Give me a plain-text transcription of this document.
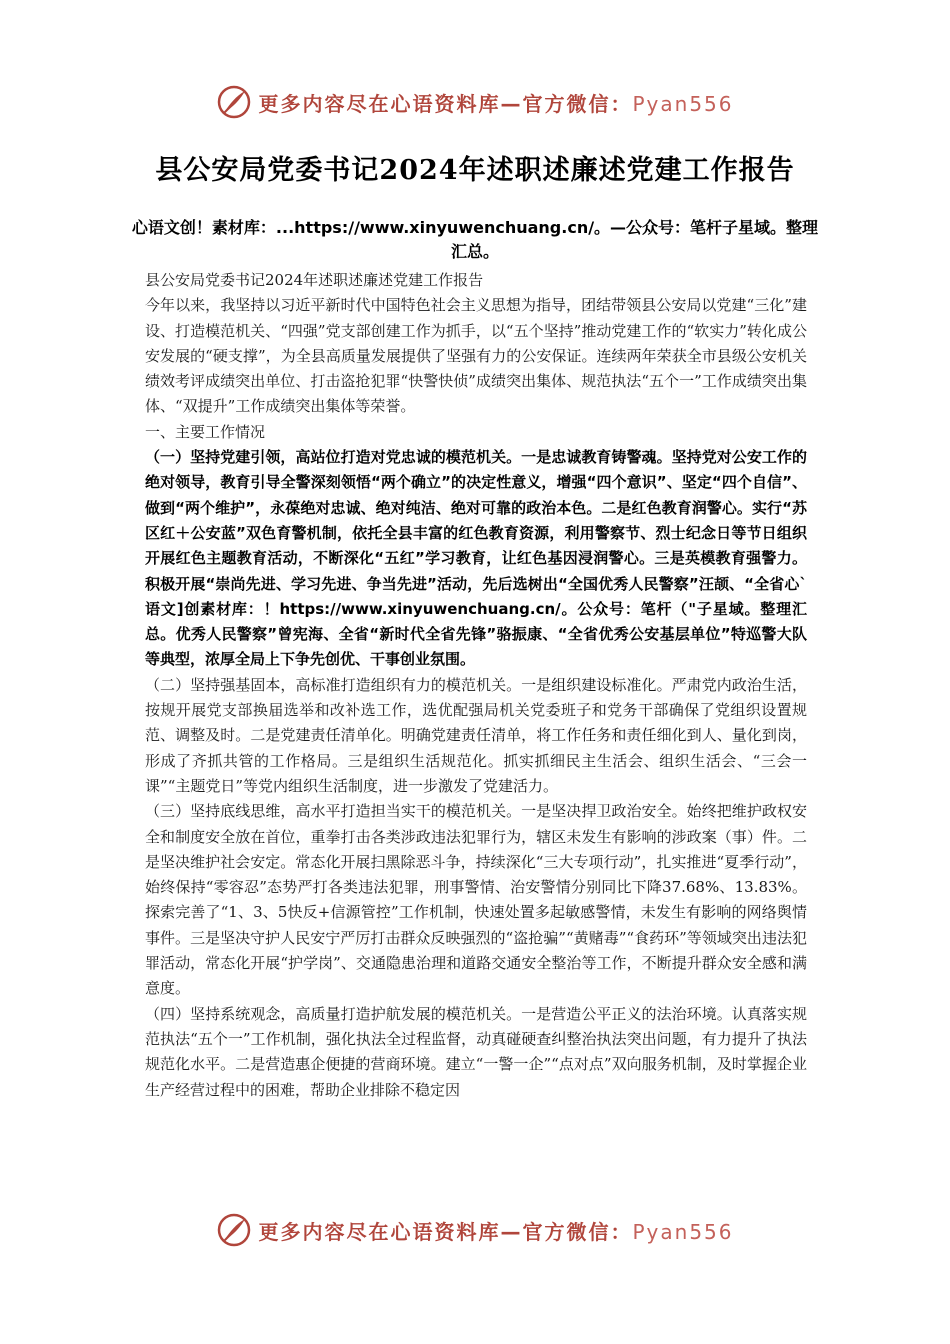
更多内容尽在心语资料库—官方微信：Pyan556
县公安局党委书记2024年述职述廉述党建工作报告
心语文创！素材库：...https://www.xinyuwenchuang.cn/。—公众号：笔杆子星域。整理汇总。

县公安局党委书记2024年述职述廉述党建工作报告

今年以来，我坚持以习近平新时代中国特色社会主义思想为指导，团结带领县公安局以党建“三化”建设、打造模范机关、“四强”党支部创建工作为抓手，以“五个坚持”推动党建工作的“软实力”转化成公安发展的“硬支撑”，为全县高质量发展提供了坚强有力的公安保证。连续两年荣获全市县级公安机关绩效考评成绩突出单位、打击盗抢犯罪“快警快侦”成绩突出集体、规范执法“五个一”工作成绩突出集体、“双提升”工作成绩突出集体等荣誉。

一、主要工作情况

（一）坚持党建引领，高站位打造对党忠诚的模范机关。一是忠诚教育铸警魂。坚持党对公安工作的绝对领导，教育引导全警深刻领悟“两个确立”的决定性意义，增强“四个意识”、坚定“四个自信”、做到“两个维护”，永葆绝对忠诚、绝对纯洁、绝对可靠的政治本色。二是红色教育润警心。实行“苏区红＋公安蓝”双色育警机制，依托全县丰富的红色教育资源，利用警察节、烈士纪念日等节日组织开展红色主题教育活动，不断深化“五红”学习教育，让红色基因浸润警心。三是英模教育强警力。积极开展“崇尚先进、学习先进、争当先进”活动，先后选树出“全国优秀人民警察”汪颉、“全省心`语文]创素材库：！https://www.xinyuwenchuang.cn/。公众号：笔杆（"子星域。整理汇总。优秀人民警察”曾宪海、全省“新时代全省先锋”骆振康、“全省优秀公安基层单位”特巡警大队等典型，浓厚全局上下争先创优、干事创业氛围。

（二）坚持强基固本，高标准打造组织有力的模范机关。一是组织建设标准化。严肃党内政治生活，按规开展党支部换届选举和改补选工作，选优配强局机关党委班子和党务干部确保了党组织设置规范、调整及时。二是党建责任清单化。明确党建责任清单，将工作任务和责任细化到人、量化到岗，形成了齐抓共管的工作格局。三是组织生活规范化。抓实抓细民主生活会、组织生活会、“三会一课”“主题党日”等党内组织生活制度，进一步激发了党建活力。

（三）坚持底线思维，高水平打造担当实干的模范机关。一是坚决捍卫政治安全。始终把维护政权安全和制度安全放在首位，重拳打击各类涉政违法犯罪行为，辖区未发生有影响的涉政案（事）件。二是坚决维护社会安定。常态化开展扫黑除恶斗争，持续深化“三大专项行动”，扎实推进“夏季行动”，始终保持“零容忍”态势严打各类违法犯罪，刑事警情、治安警情分别同比下降37.68%、13.83%。探索完善了“1、3、5快反+信源管控”工作机制，快速处置多起敏感警情，未发生有影响的网络舆情事件。三是坚决守护人民安宁严厉打击群众反映强烈的“盗抢骗”“黄赌毒”“食药环”等领域突出违法犯罪活动，常态化开展“护学岗”、交通隐患治理和道路交通安全整治等工作，不断提升群众安全感和满意度。

（四）坚持系统观念，高质量打造护航发展的模范机关。一是营造公平正义的法治环境。认真落实规范执法“五个一”工作机制，强化执法全过程监督，动真碰硬查纠整治执法突出问题，有力提升了执法规范化水平。二是营造惠企便捷的营商环境。建立“一警一企”“点对点”双向服务机制，及时掌握企业生产经营过程中的困难，帮助企业排除不稳定因

更多内容尽在心语资料库—官方微信：Pyan556
